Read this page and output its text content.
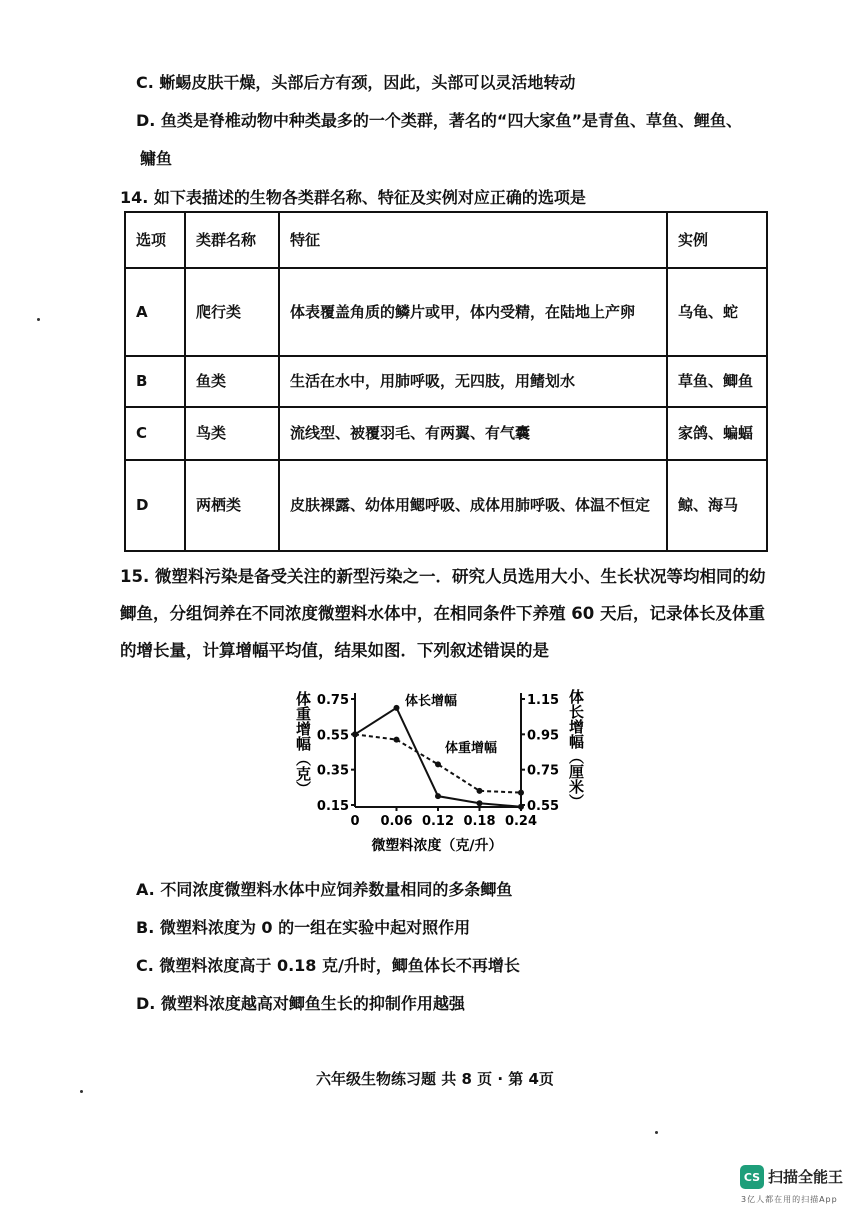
C. 蜥蜴皮肤干燥，头部后方有颈，因此，头部可以灵活地转动
D. 鱼类是脊椎动物中种类最多的一个类群，著名的“四大家鱼”是青鱼、草鱼、鲤鱼、
鳙鱼
14. 如下表描述的生物各类群名称、特征及实例对应正确的选项是
选项	类群名称	特征	实例
A	爬行类	体表覆盖角质的鳞片或甲，体内受精，在陆地上产卵	乌龟、蛇
B	鱼类	生活在水中，用肺呼吸，无四肢，用鳍划水	草鱼、鲫鱼
C	鸟类	流线型、被覆羽毛、有两翼、有气囊	家鸽、蝙蝠
D	两栖类	皮肤裸露、幼体用鳃呼吸、成体用肺呼吸、体温不恒定	鲸、海马
15. 微塑料污染是备受关注的新型污染之一．研究人员选用大小、生长状况等均相同的幼
鲫鱼，分组饲养在不同浓度微塑料水体中，在相同条件下养殖 60 天后，记录体长及体重
的增长量，计算增幅平均值，结果如图．下列叙述错误的是
体重增幅（克）	体长增幅（厘米）
0.15
0.35
0.55
0.75
0.55
0.75
0.95
1.15
0 0.06 0.12 0.18 0.24
体长增幅
体重增幅
微塑料浓度（克/升）
A. 不同浓度微塑料水体中应饲养数量相同的多条鲫鱼
B. 微塑料浓度为 0 的一组在实验中起对照作用
C. 微塑料浓度高于 0.18 克/升时，鲫鱼体长不再增长
D. 微塑料浓度越高对鲫鱼生长的抑制作用越强
六年级生物练习题 共 8 页 · 第 4页
CS 扫描全能王
3亿人都在用的扫描App
